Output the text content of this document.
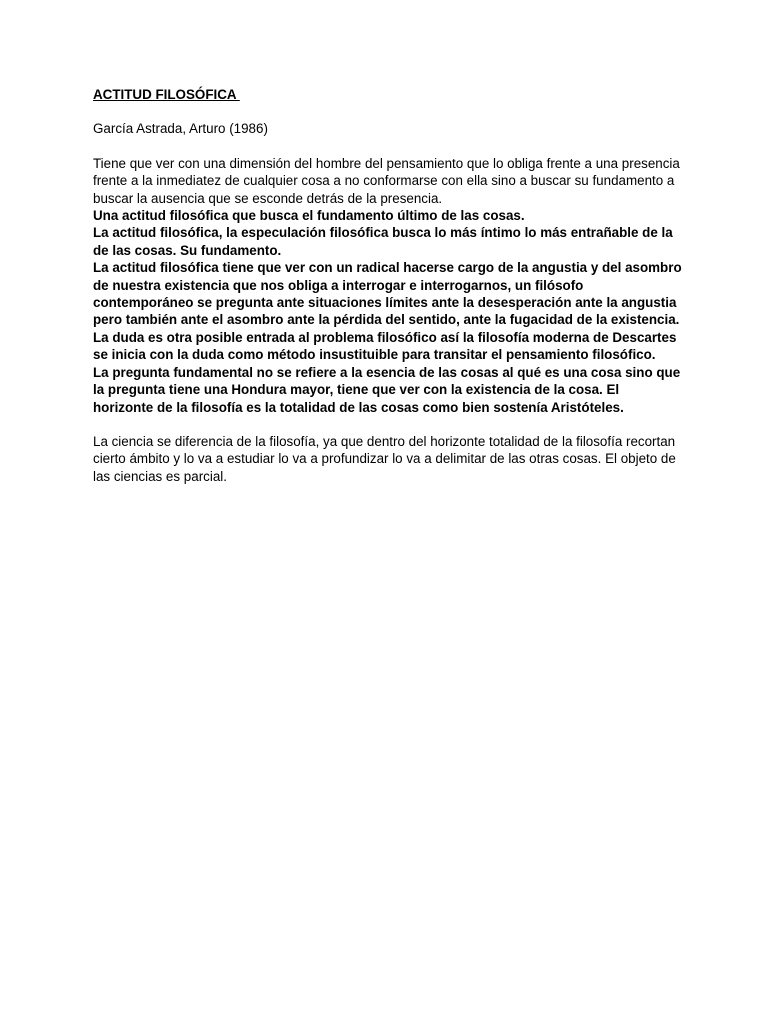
ACTITUD FILOSÓFICA

García Astrada, Arturo (1986)

Tiene que ver con una dimensión del hombre del pensamiento que lo obliga frente a una presencia frente a la inmediatez de cualquier cosa a no conformarse con ella sino a buscar su fundamento a buscar la ausencia que se esconde detrás de la presencia.

Una actitud filosófica que busca el fundamento último de las cosas.

La actitud filosófica, la especulación filosófica busca lo más íntimo lo más entrañable de la de las cosas. Su fundamento.

La actitud filosófica tiene que ver con un radical hacerse cargo de la angustia y del asombro de nuestra existencia que nos obliga a interrogar e interrogarnos, un filósofo contemporáneo se pregunta ante situaciones límites ante la desesperación ante la angustia pero también ante el asombro ante la pérdida del sentido, ante la fugacidad de la existencia. La duda es otra posible entrada al problema filosófico así la filosofía moderna de Descartes se inicia con la duda como método insustituible para transitar el pensamiento filosófico.

La pregunta fundamental no se refiere a la esencia de las cosas al qué es una cosa sino que la pregunta tiene una Hondura mayor, tiene que ver con la existencia de la cosa. El horizonte de la filosofía es la totalidad de las cosas como bien sostenía Aristóteles.

La ciencia se diferencia de la filosofía, ya que dentro del horizonte totalidad de la filosofía recortan cierto ámbito y lo va a estudiar lo va a profundizar lo va a delimitar de las otras cosas. El objeto de las ciencias es parcial.
